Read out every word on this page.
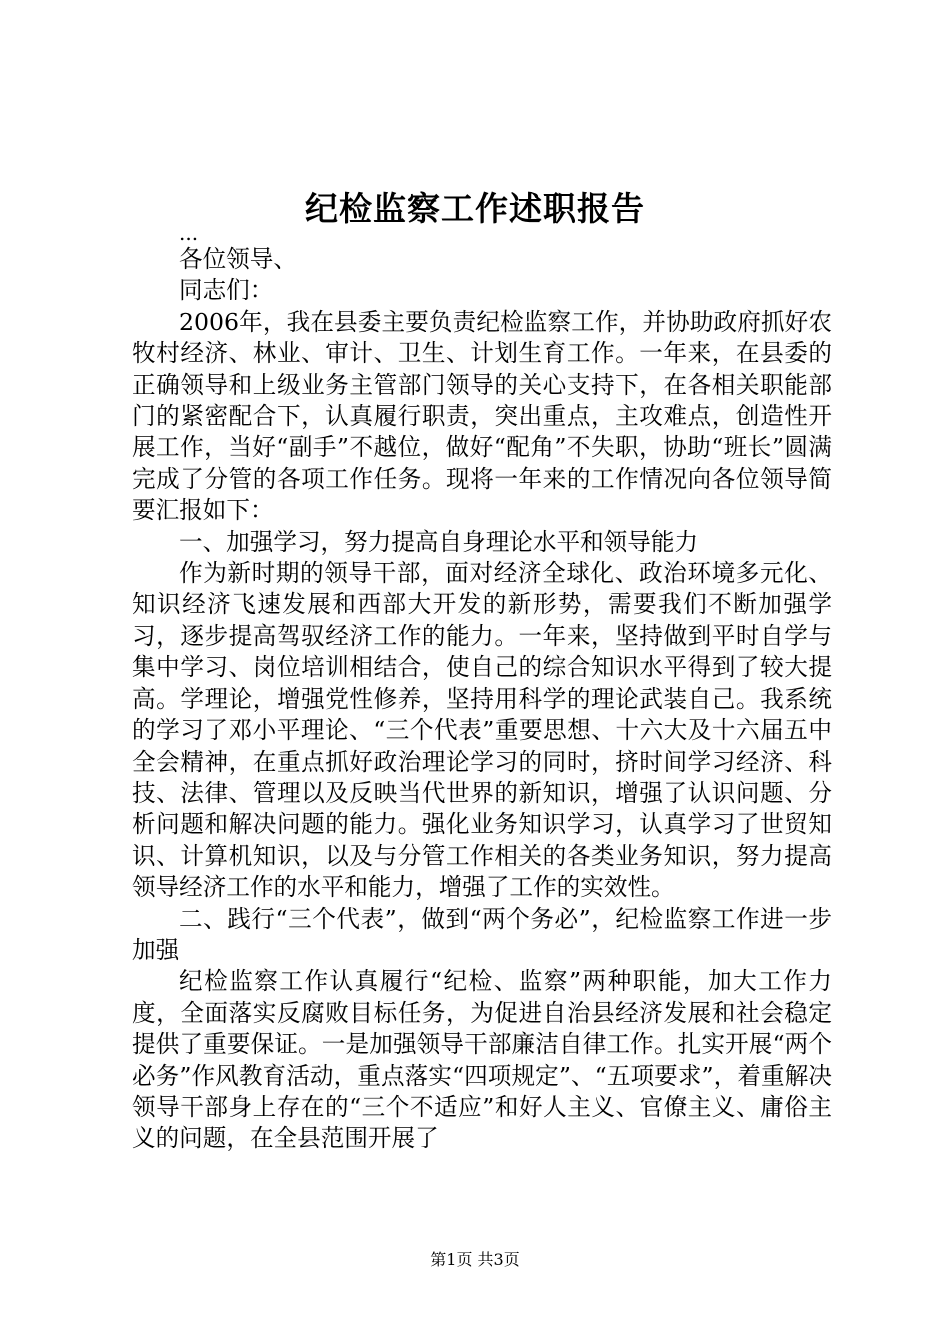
纪检监察工作述职报告

...

各位领导、

同志们：

2006年，我在县委主要负责纪检监察工作，并协助政府抓好农牧村经济、林业、审计、卫生、计划生育工作。一年来，在县委的正确领导和上级业务主管部门领导的关心支持下，在各相关职能部门的紧密配合下，认真履行职责，突出重点，主攻难点，创造性开展工作，当好“副手”不越位，做好“配角”不失职，协助“班长”圆满完成了分管的各项工作任务。现将一年来的工作情况向各位领导简要汇报如下：

一、加强学习，努力提高自身理论水平和领导能力

作为新时期的领导干部，面对经济全球化、政治环境多元化、知识经济飞速发展和西部大开发的新形势，需要我们不断加强学习，逐步提高驾驭经济工作的能力。一年来，坚持做到平时自学与集中学习、岗位培训相结合，使自己的综合知识水平得到了较大提高。学理论，增强党性修养，坚持用科学的理论武装自己。我系统的学习了邓小平理论、“三个代表”重要思想、十六大及十六届五中全会精神，在重点抓好政治理论学习的同时，挤时间学习经济、科技、法律、管理以及反映当代世界的新知识，增强了认识问题、分析问题和解决问题的能力。强化业务知识学习，认真学习了世贸知识、计算机知识，以及与分管工作相关的各类业务知识，努力提高领导经济工作的水平和能力，增强了工作的实效性。

二、践行“三个代表”，做到“两个务必”，纪检监察工作进一步加强

纪检监察工作认真履行“纪检、监察”两种职能，加大工作力度，全面落实反腐败目标任务，为促进自治县经济发展和社会稳定提供了重要保证。一是加强领导干部廉洁自律工作。扎实开展“两个必务”作风教育活动，重点落实“四项规定”、“五项要求”，着重解决领导干部身上存在的“三个不适应”和好人主义、官僚主义、庸俗主义的问题，在全县范围开展了

第1页 共3页
